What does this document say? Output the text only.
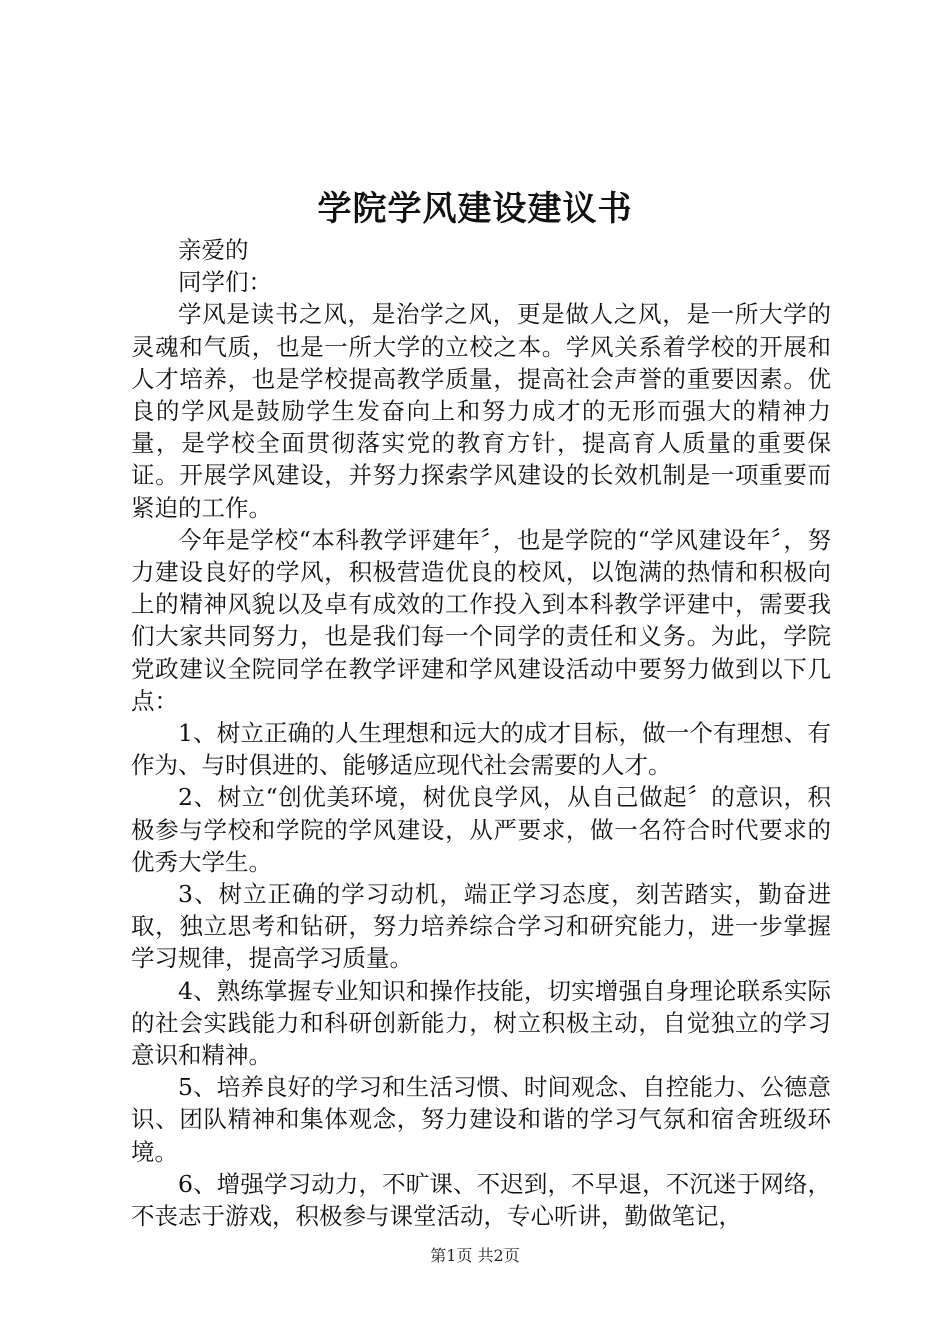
学院学风建设建议书

亲爱的

同学们：

学风是读书之风，是治学之风，更是做人之风，是一所大学的灵魂和气质，也是一所大学的立校之本。学风关系着学校的开展和人才培养，也是学校提高教学质量，提高社会声誉的重要因素。优良的学风是鼓励学生发奋向上和努力成才的无形而强大的精神力量，是学校全面贯彻落实党的教育方针，提高育人质量的重要保证。开展学风建设，并努力探索学风建设的长效机制是一项重要而紧迫的工作。

今年是学校“本科教学评建年〞，也是学院的“学风建设年〞，努力建设良好的学风，积极营造优良的校风，以饱满的热情和积极向上的精神风貌以及卓有成效的工作投入到本科教学评建中，需要我们大家共同努力，也是我们每一个同学的责任和义务。为此，学院党政建议全院同学在教学评建和学风建设活动中要努力做到以下几点：

1、树立正确的人生理想和远大的成才目标，做一个有理想、有作为、与时俱进的、能够适应现代社会需要的人才。

2、树立“创优美环境，树优良学风，从自己做起〞的意识，积极参与学校和学院的学风建设，从严要求，做一名符合时代要求的优秀大学生。

3、树立正确的学习动机，端正学习态度，刻苦踏实，勤奋进取，独立思考和钻研，努力培养综合学习和研究能力，进一步掌握学习规律，提高学习质量。

4、熟练掌握专业知识和操作技能，切实增强自身理论联系实际的社会实践能力和科研创新能力，树立积极主动，自觉独立的学习意识和精神。

5、培养良好的学习和生活习惯、时间观念、自控能力、公德意识、团队精神和集体观念，努力建设和谐的学习气氛和宿舍班级环境。

6、增强学习动力，不旷课、不迟到，不早退，不沉迷于网络，不丧志于游戏，积极参与课堂活动，专心听讲，勤做笔记，

第1页 共2页
